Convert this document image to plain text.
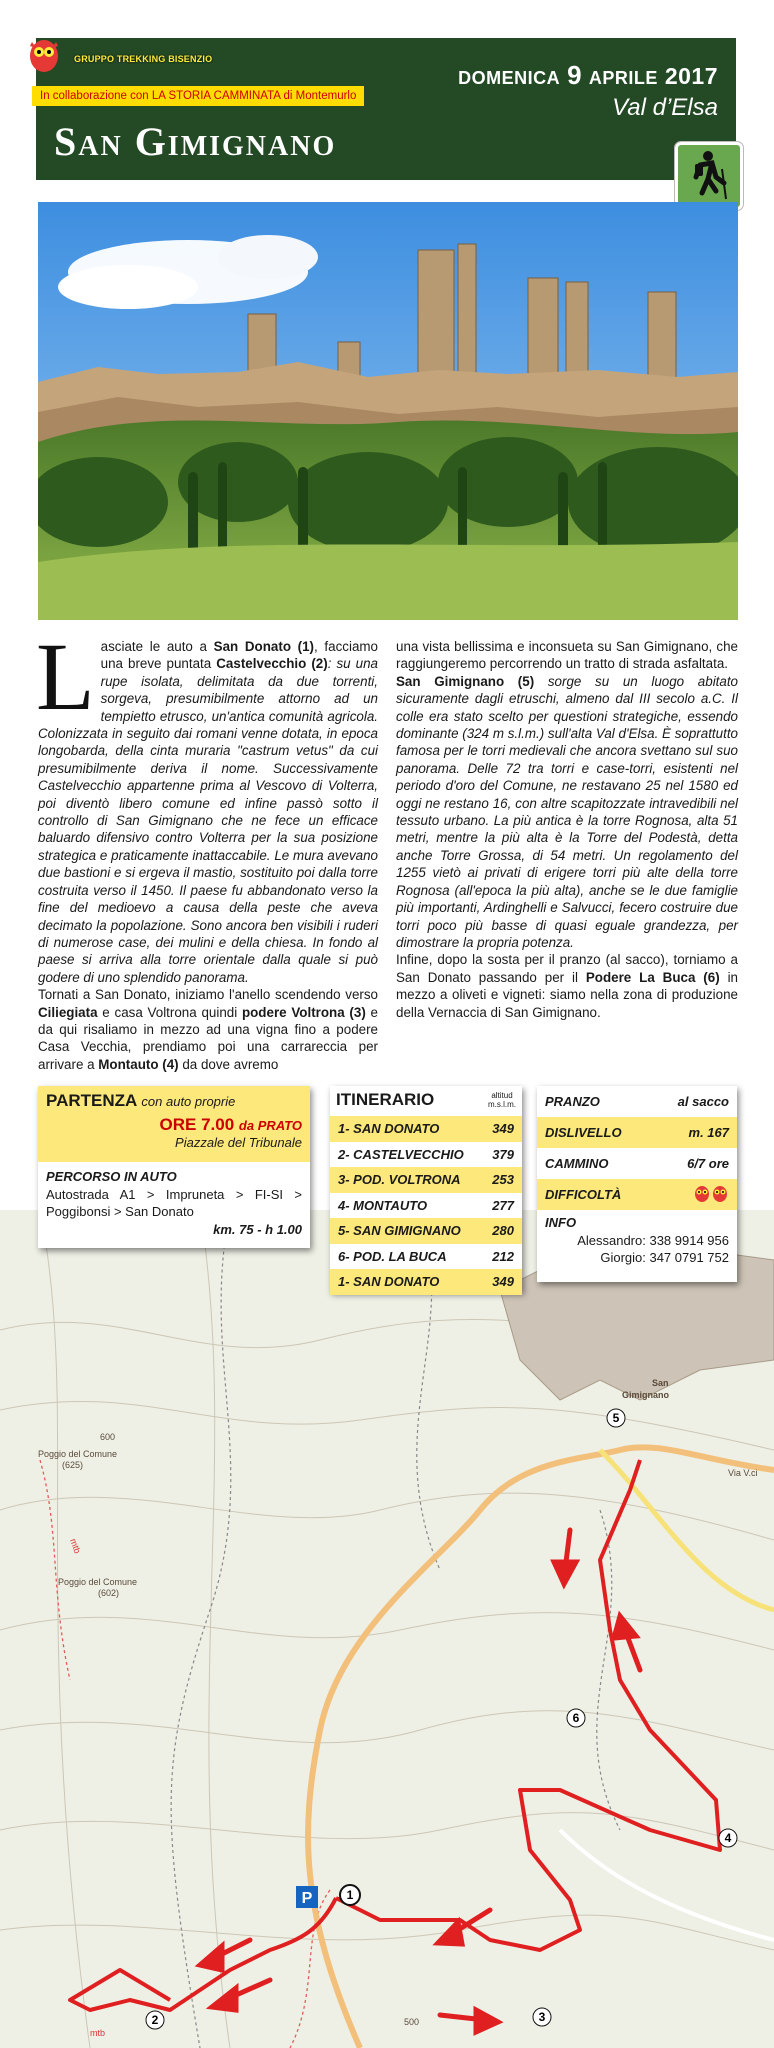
GRUPPO TREKKING BISENZIO
In collaborazione con LA STORIA CAMMINATA di Montemurlo
DOMENICA 9 APRILE 2017
Val d’Elsa
San Gimignano
Lasciate le auto a San Donato (1), facciamo una breve puntata Castelvecchio (2): su una rupe isolata, delimitata da due torrenti, sorgeva, presumibilmente attorno ad un tempietto etrusco, un'antica comunità agricola. Colonizzata in seguito dai romani venne dotata, in epoca longobarda, della cinta muraria "castrum vetus" da cui presumibilmente deriva il nome. Successivamente Castelvecchio appartenne prima al Vescovo di Volterra, poi diventò libero comune ed infine passò sotto il controllo di San Gimignano che ne fece un efficace baluardo difensivo contro Volterra per la sua posizione strategica e praticamente inattaccabile. Le mura avevano due bastioni e si ergeva il mastio, sostituito poi dalla torre costruita verso il 1450. Il paese fu abbandonato verso la fine del medioevo a causa della peste che aveva decimato la popolazione. Sono ancora ben visibili i ruderi di numerose case, dei mulini e della chiesa. In fondo al paese si arriva alla torre orientale dalla quale si può godere di uno splendido panorama.
Tornati a San Donato, iniziamo l'anello scendendo verso Ciliegiata e casa Voltrona quindi podere Voltrona (3) e da qui risaliamo in mezzo ad una vigna fino a podere Casa Vecchia, prendiamo poi una carrareccia per arrivare a Montauto (4) da dove avremo
una vista bellissima e inconsueta su San Gimignano, che raggiungeremo percorrendo un tratto di strada asfaltata.
San Gimignano (5) sorge su un luogo abitato sicuramente dagli etruschi, almeno dal III secolo a.C. Il colle era stato scelto per questioni strategiche, essendo dominante (324 m s.l.m.) sull'alta Val d'Elsa. È soprattutto famosa per le torri medievali che ancora svettano sul suo panorama. Delle 72 tra torri e case-torri, esistenti nel periodo d'oro del Comune, ne restavano 25 nel 1580 ed oggi ne restano 16, con altre scapitozzate intravedibili nel tessuto urbano. La più antica è la torre Rognosa, alta 51 metri, mentre la più alta è la Torre del Podestà, detta anche Torre Grossa, di 54 metri. Un regolamento del 1255 vietò ai privati di erigere torri più alte della torre Rognosa (all'epoca la più alta), anche se le due famiglie più importanti, Ardinghelli e Salvucci, fecero costruire due torri poco più basse di quasi eguale grandezza, per dimostrare la propria potenza.
Infine, dopo la sosta per il pranzo (al sacco), torniamo a San Donato passando per il Podere La Buca (6) in mezzo a oliveti e vigneti: siamo nella zona di produzione della Vernaccia di San Gimignano.
1
2	3
4
5
6
P
Poggio del Comune
(625)
Poggio del Comune
(602)
San
Gimignano
Via V.ci
600
500
mtb
mtb
PARTENZA con auto proprie
ORE 7.00 da PRATO
Piazzale del Tribunale
PERCORSO IN AUTO
Autostrada A1 > Impruneta > FI-SI > Poggibonsi > San Donato
km. 75 - h 1.00
ITINERARIO	altitud
m.s.l.m.
1- SAN DONATO	349
2- CASTELVECCHIO 379
3- POD. VOLTRONA 253
4- MONTAUTO	277
5- SAN GIMIGNANO 280
6- POD. LA BUCA	212
1- SAN DONATO	349
PRANZO	al sacco
DISLIVELLO	m. 167
CAMMINO	6/7 ore
DIFFICOLTÀ
INFO
Alessandro: 338 9914 956
Giorgio: 347 0791 752
